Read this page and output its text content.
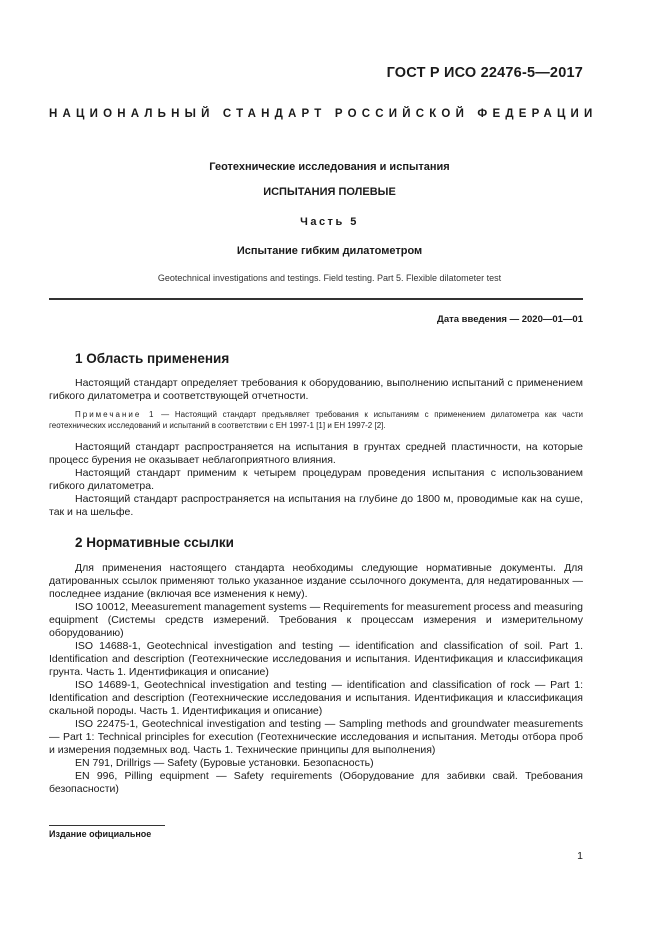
ГОСТ Р ИСО 22476-5—2017
НАЦИОНАЛЬНЫЙ СТАНДАРТ РОССИЙСКОЙ ФЕДЕРАЦИИ
Геотехнические исследования и испытания
ИСПЫТАНИЯ ПОЛЕВЫЕ
Часть 5
Испытание гибким дилатометром
Geotechnical investigations and testings. Field testing. Part 5. Flexible dilatometer test
Дата введения — 2020—01—01
1 Область применения
Настоящий стандарт определяет требования к оборудованию, выполнению испытаний с применением гибкого дилатометра и соответствующей отчетности.
Примечание 1 — Настоящий стандарт предъявляет требования к испытаниям с применением дилатометра как части геотехнических исследований и испытаний в соответствии с ЕН 1997-1 [1] и ЕН 1997-2 [2].
Настоящий стандарт распространяется на испытания в грунтах средней пластичности, на которые процесс бурения не оказывает неблагоприятного влияния.
Настоящий стандарт применим к четырем процедурам проведения испытания с использованием гибкого дилатометра.
Настоящий стандарт распространяется на испытания на глубине до 1800 м, проводимые как на суше, так и на шельфе.
2 Нормативные ссылки
Для применения настоящего стандарта необходимы следующие нормативные документы. Для датированных ссылок применяют только указанное издание ссылочного документа, для недатированных — последнее издание (включая все изменения к нему).
ISO 10012, Meeasurement management systems — Requirements for measurement process and measuring equipment (Системы средств измерений. Требования к процессам измерения и измерительному оборудованию)
ISO 14688-1, Geotechnical investigation and testing — identification and classification of soil. Part 1. Identification and description (Геотехнические исследования и испытания. Идентификация и классификация грунта. Часть 1. Идентификация и описание)
ISO 14689-1, Geotechnical investigation and testing — identification and classification of rock — Part 1: Identification and description (Геотехнические исследования и испытания. Идентификация и классификация скальной породы. Часть 1. Идентификация и описание)
ISO 22475-1, Geotechnical investigation and testing — Sampling methods and groundwater measurements — Part 1: Technical principles for execution (Геотехнические исследования и испытания. Методы отбора проб и измерения подземных вод. Часть 1. Технические принципы для выполнения)
EN 791, Drillrigs — Safety (Буровые установки. Безопасность)
EN 996, Pilling equipment — Safety requirements (Оборудование для забивки свай. Требования безопасности)
Издание официальное
1
